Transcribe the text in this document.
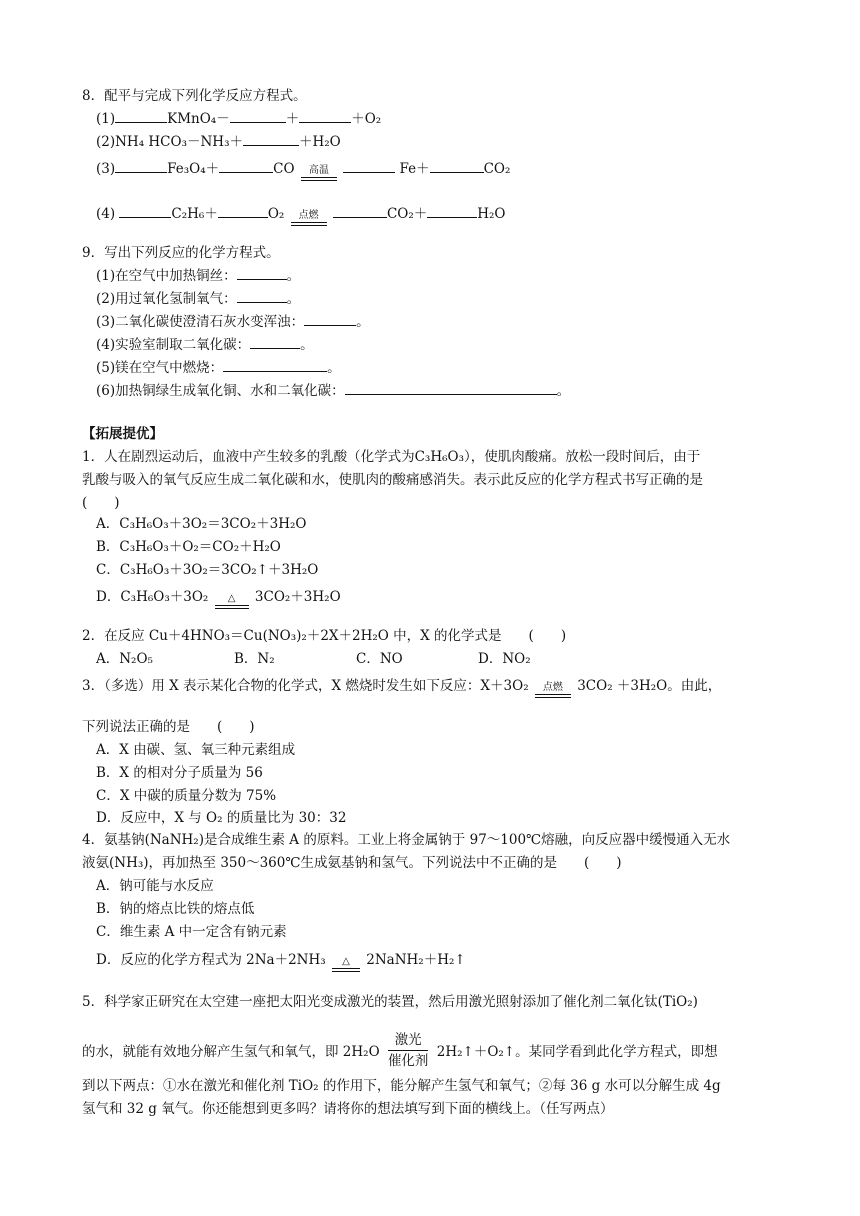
8．配平与完成下列化学反应方程式。
(1)	KMnO₄－	＋	＋O₂
(2)NH₄ HCO₃－NH₃＋	＋H₂O
(3)	Fe₃O₄＋	CO	高温	Fe＋	CO₂
(4)	C₂H₆＋	O₂	点燃	CO₂＋	H₂O
9．写出下列反应的化学方程式。
(1)在空气中加热铜丝：	。
(2)用过氧化氢制氧气：	。
(3)二氧化碳使澄清石灰水变浑浊：	。
(4)实验室制取二氧化碳：	。
(5)镁在空气中燃烧：	。
(6)加热铜绿生成氧化铜、水和二氧化碳：	。
【拓展提优】
1．人在剧烈运动后，血液中产生较多的乳酸（化学式为C₃H₆O₃），使肌肉酸痛。放松一段时间后，由于
乳酸与吸入的氧气反应生成二氧化碳和水，使肌肉的酸痛感消失。表示此反应的化学方程式书写正确的是
(　　)
A．C₃H₆O₃＋3O₂＝3CO₂＋3H₂O
B．C₃H₆O₃＋O₂＝CO₂＋H₂O
C．C₃H₆O₃＋3O₂＝3CO₂↑＋3H₂O
D．C₃H₆O₃＋3O₂	△	3CO₂＋3H₂O
2．在反应 Cu＋4HNO₃＝Cu(NO₃)₂＋2X＋2H₂O 中，X 的化学式是　　(　　)
A．N₂O₅	B．N₂	C．NO	D．NO₂
3．（多选）用 X 表示某化合物的化学式，X 燃烧时发生如下反应：X＋3O₂	点燃	3CO₂ ＋3H₂O。由此，
下列说法正确的是　　(　　)
A．X 由碳、氢、氧三种元素组成
B．X 的相对分子质量为 56
C．X 中碳的质量分数为 75%
D．反应中，X 与 O₂ 的质量比为 30：32
4．氨基钠(NaNH₂)是合成维生素 A 的原料。工业上将金属钠于 97～100℃熔融，向反应器中缓慢通入无水
液氨(NH₃)，再加热至 350～360℃生成氨基钠和氢气。下列说法中不正确的是　　(　　)
A．钠可能与水反应
B．钠的熔点比铁的熔点低
C．维生素 A 中一定含有钠元素
D．反应的化学方程式为 2Na＋2NH₃	△	2NaNH₂＋H₂↑
5．科学家正研究在太空建一座把太阳光变成激光的装置，然后用激光照射添加了催化剂二氧化钛(TiO₂)
的水，就能有效地分解产生氢气和氧气，即 $2H_2O \frac{\text{激光}}{\text{催化剂}}$ 2H₂↑＋O₂↑。某同学看到此化学方程式，即想
到以下两点：①水在激光和催化剂 TiO₂ 的作用下，能分解产生氢气和氧气；②每 36 g 水可以分解生成 4g
氢气和 32 g 氧气。你还能想到更多吗？请将你的想法填写到下面的横线上。（任写两点）
